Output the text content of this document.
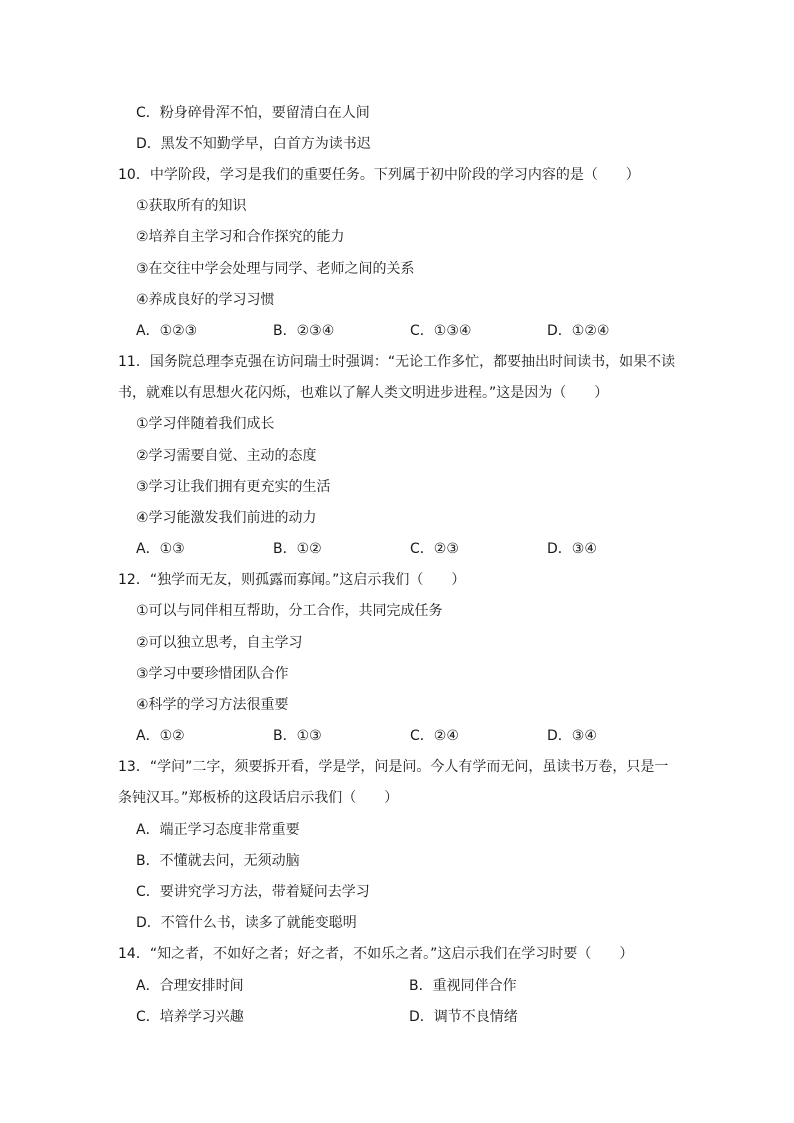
C．粉身碎骨浑不怕，要留清白在人间
D．黑发不知勤学早，白首方为读书迟
10．中学阶段，学习是我们的重要任务。下列属于初中阶段的学习内容的是（　　）
①获取所有的知识
②培养自主学习和合作探究的能力
③在交往中学会处理与同学、老师之间的关系
④养成良好的学习习惯
A．①②③	B．②③④	C．①③④	D．①②④
11．国务院总理李克强在访问瑞士时强调：“无论工作多忙，都要抽出时间读书，如果不读
书，就难以有思想火花闪烁，也难以了解人类文明进步进程。”这是因为（　　）
①学习伴随着我们成长
②学习需要自觉、主动的态度
③学习让我们拥有更充实的生活
④学习能激发我们前进的动力
A．①③	B．①②	C．②③	D．③④
12．“独学而无友，则孤露而寡闻。”这启示我们（　　）
①可以与同伴相互帮助，分工合作，共同完成任务
②可以独立思考，自主学习
③学习中要珍惜团队合作
④科学的学习方法很重要
A．①②	B．①③	C．②④	D．③④
13．“学问”二字，须要拆开看，学是学，问是问。今人有学而无问，虽读书万卷，只是一
条钝汉耳。”郑板桥的这段话启示我们（　　）
A．端正学习态度非常重要
B．不懂就去问，无须动脑
C．要讲究学习方法，带着疑问去学习
D．不管什么书，读多了就能变聪明
14．“知之者，不如好之者；好之者，不如乐之者。”这启示我们在学习时要（　　）
A．合理安排时间	B．重视同伴合作
C．培养学习兴趣	D．调节不良情绪
